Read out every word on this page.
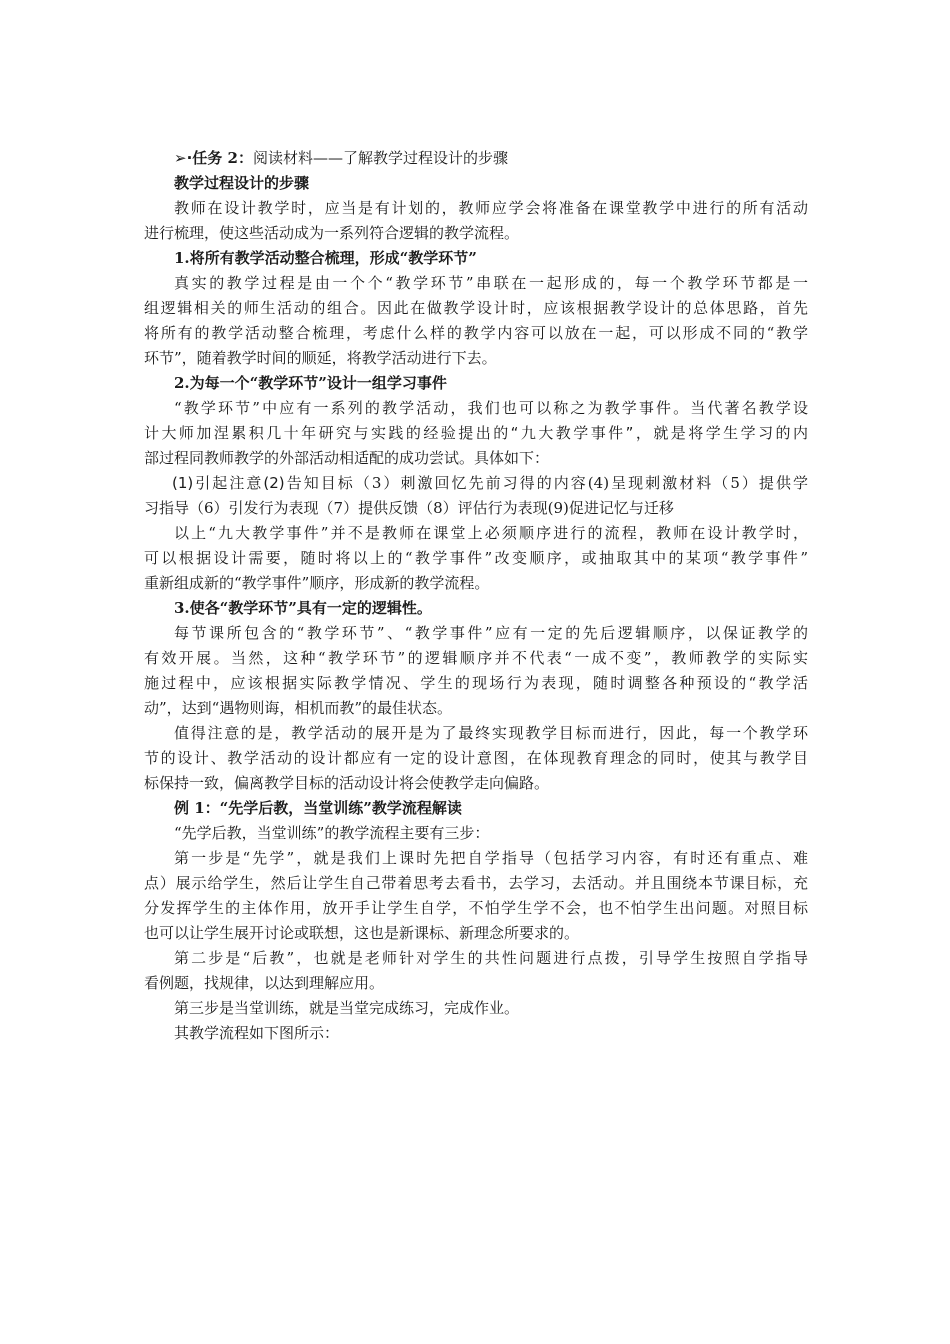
➢·任务 2：阅读材料——了解教学过程设计的步骤
教学过程设计的步骤
教师在设计教学时，应当是有计划的，教师应学会将准备在课堂教学中进行的所有活动
进行梳理，使这些活动成为一系列符合逻辑的教学流程。
1.将所有教学活动整合梳理，形成“教学环节”
真实的教学过程是由一个个“教学环节”串联在一起形成的，每一个教学环节都是一
组逻辑相关的师生活动的组合。因此在做教学设计时，应该根据教学设计的总体思路，首先
将所有的教学活动整合梳理，考虑什么样的教学内容可以放在一起，可以形成不同的“教学
环节”，随着教学时间的顺延，将教学活动进行下去。
2.为每一个“教学环节”设计一组学习事件
“教学环节”中应有一系列的教学活动，我们也可以称之为教学事件。当代著名教学设
计大师加涅累积几十年研究与实践的经验提出的“九大教学事件”，就是将学生学习的内
部过程同教师教学的外部活动相适配的成功尝试。具体如下：
(1)引起注意(2)告知目标（3）刺激回忆先前习得的内容(4)呈现刺激材料（5）提供学
习指导（6）引发行为表现（7）提供反馈（8）评估行为表现(9)促进记忆与迁移
以上“九大教学事件”并不是教师在课堂上必须顺序进行的流程，教师在设计教学时，
可以根据设计需要，随时将以上的“教学事件”改变顺序，或抽取其中的某项“教学事件”
重新组成新的“教学事件”顺序，形成新的教学流程。
3.使各“教学环节”具有一定的逻辑性。
每节课所包含的“教学环节”、“教学事件”应有一定的先后逻辑顺序，以保证教学的
有效开展。当然，这种“教学环节”的逻辑顺序并不代表“一成不变”，教师教学的实际实
施过程中，应该根据实际教学情况、学生的现场行为表现，随时调整各种预设的“教学活
动”，达到“遇物则诲，相机而教”的最佳状态。
值得注意的是，教学活动的展开是为了最终实现教学目标而进行，因此，每一个教学环
节的设计、教学活动的设计都应有一定的设计意图，在体现教育理念的同时，使其与教学目
标保持一致，偏离教学目标的活动设计将会使教学走向偏路。
例 1：“先学后教，当堂训练”教学流程解读
“先学后教，当堂训练”的教学流程主要有三步：
第一步是“先学”，就是我们上课时先把自学指导（包括学习内容，有时还有重点、难
点）展示给学生，然后让学生自己带着思考去看书，去学习，去活动。并且围绕本节课目标，充
分发挥学生的主体作用，放开手让学生自学，不怕学生学不会，也不怕学生出问题。对照目标
也可以让学生展开讨论或联想，这也是新课标、新理念所要求的。
第二步是“后教”，也就是老师针对学生的共性问题进行点拨，引导学生按照自学指导
看例题，找规律，以达到理解应用。
第三步是当堂训练，就是当堂完成练习，完成作业。
其教学流程如下图所示：
